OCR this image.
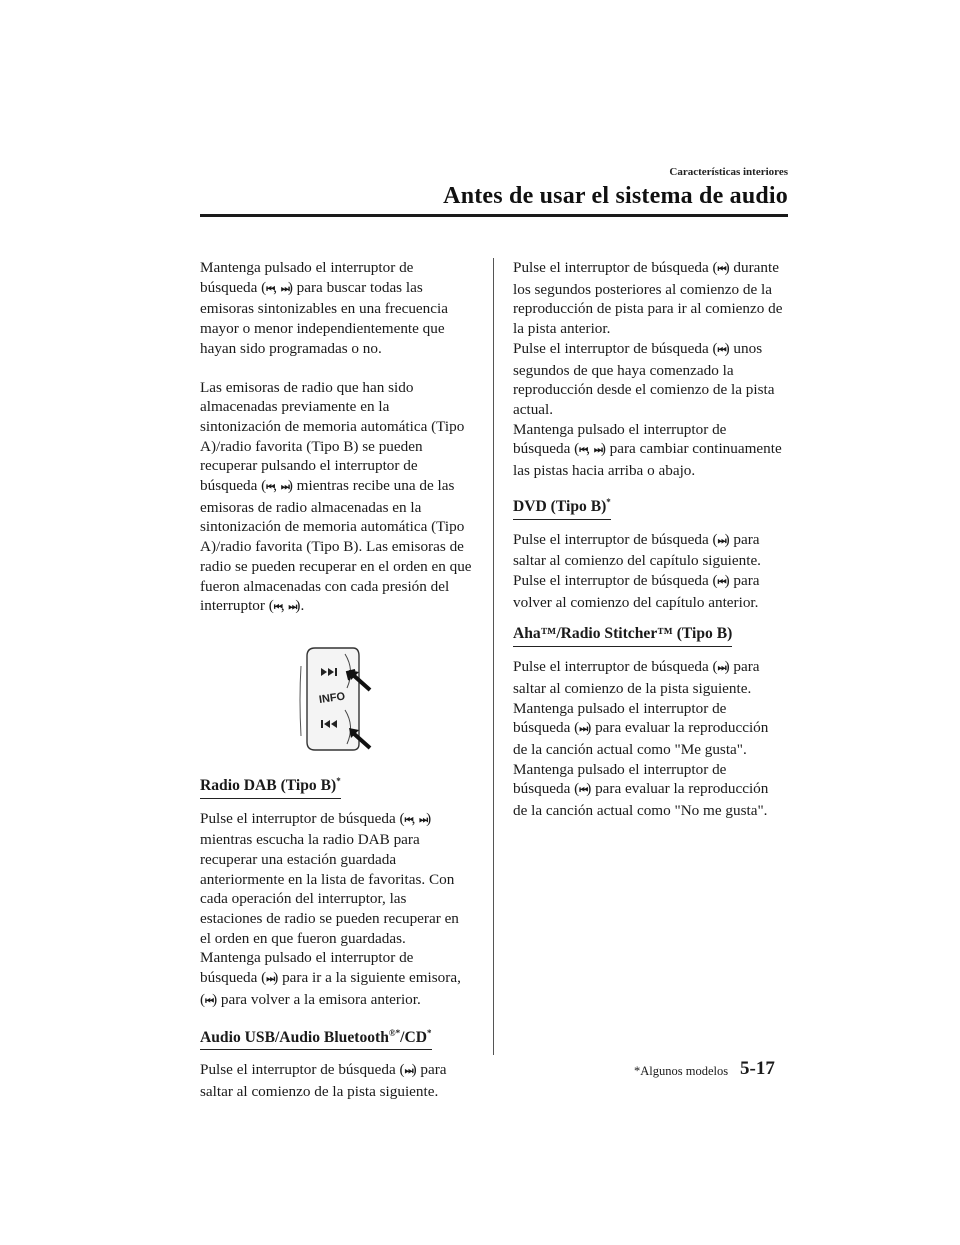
Características interiores
Antes de usar el sistema de audio

Mantenga pulsado el interruptor de búsqueda (⏮, ⏭) para buscar todas las emisoras sintonizables en una frecuencia mayor o menor independientemente que hayan sido programadas o no.

Las emisoras de radio que han sido almacenadas previamente en la sintonización de memoria automática (Tipo A)/radio favorita (Tipo B) se pueden recuperar pulsando el interruptor de búsqueda (⏮, ⏭) mientras recibe una de las emisoras de radio almacenadas en la sintonización de memoria automática (Tipo A)/radio favorita (Tipo B). Las emisoras de radio se pueden recuperar en el orden en que fueron almacenadas con cada presión del interruptor (⏮, ⏭).

INFO
Radio DAB (Tipo B)*

Pulse el interruptor de búsqueda (⏮, ⏭) mientras escucha la radio DAB para recuperar una estación guardada anteriormente en la lista de favoritas. Con cada operación del interruptor, las estaciones de radio se pueden recuperar en el orden en que fueron guardadas.

Mantenga pulsado el interruptor de búsqueda (⏭) para ir a la siguiente emisora, (⏮) para volver a la emisora anterior.

Audio USB/Audio Bluetooth®*/CD*

Pulse el interruptor de búsqueda (⏭) para saltar al comienzo de la pista siguiente.

Pulse el interruptor de búsqueda (⏮) durante los segundos posteriores al comienzo de la reproducción de pista para ir al comienzo de la pista anterior.

Pulse el interruptor de búsqueda (⏮) unos segundos de que haya comenzado la reproducción desde el comienzo de la pista actual.

Mantenga pulsado el interruptor de búsqueda (⏮, ⏭) para cambiar continuamente las pistas hacia arriba o abajo.

DVD (Tipo B)*

Pulse el interruptor de búsqueda (⏭) para saltar al comienzo del capítulo siguiente.

Pulse el interruptor de búsqueda (⏮) para volver al comienzo del capítulo anterior.

Aha™/Radio Stitcher™ (Tipo B)

Pulse el interruptor de búsqueda (⏭) para saltar al comienzo de la pista siguiente.

Mantenga pulsado el interruptor de búsqueda (⏭) para evaluar la reproducción de la canción actual como "Me gusta".

Mantenga pulsado el interruptor de búsqueda (⏮) para evaluar la reproducción de la canción actual como "No me gusta".

*Algunos modelos 5-17
